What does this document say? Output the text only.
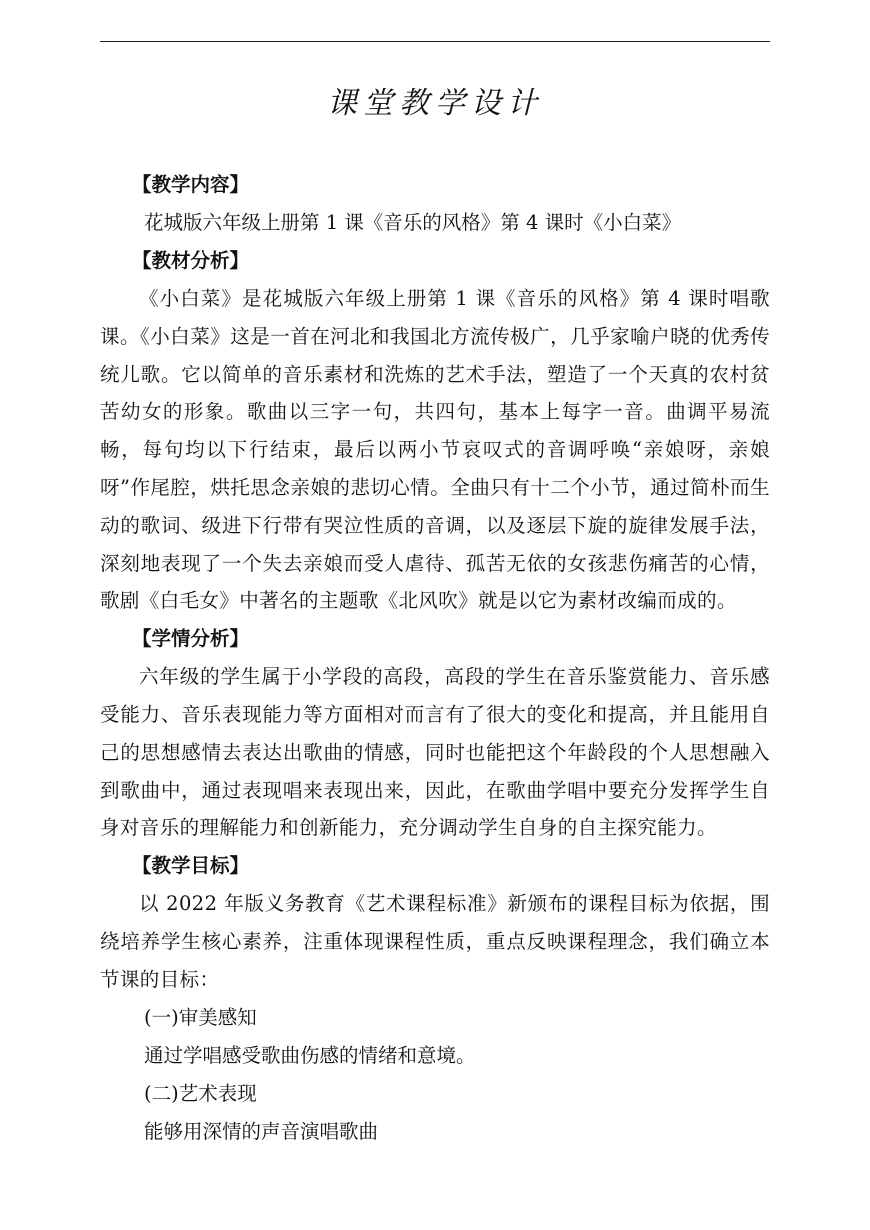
课堂教学设计
【教学内容】
花城版六年级上册第 1 课《音乐的风格》第 4 课时《小白菜》
【教材分析】

《小白菜》是花城版六年级上册第 1 课《音乐的风格》第 4 课时唱歌课。《小白菜》这是一首在河北和我国北方流传极广，几乎家喻户晓的优秀传统儿歌。它以简单的音乐素材和洗炼的艺术手法，塑造了一个天真的农村贫苦幼女的形象。歌曲以三字一句，共四句，基本上每字一音。曲调平易流畅，每句均以下行结束，最后以两小节哀叹式的音调呼唤“亲娘呀，亲娘呀”作尾腔，烘托思念亲娘的悲切心情。全曲只有十二个小节，通过简朴而生动的歌词、级进下行带有哭泣性质的音调，以及逐层下旋的旋律发展手法，深刻地表现了一个失去亲娘而受人虐待、孤苦无依的女孩悲伤痛苦的心情，歌剧《白毛女》中著名的主题歌《北风吹》就是以它为素材改编而成的。

【学情分析】

六年级的学生属于小学段的高段，高段的学生在音乐鉴赏能力、音乐感受能力、音乐表现能力等方面相对而言有了很大的变化和提高，并且能用自己的思想感情去表达出歌曲的情感，同时也能把这个年龄段的个人思想融入到歌曲中，通过表现唱来表现出来，因此，在歌曲学唱中要充分发挥学生自身对音乐的理解能力和创新能力，充分调动学生自身的自主探究能力。

【教学目标】

以 2022 年版义务教育《艺术课程标准》新颁布的课程目标为依据，围绕培养学生核心素养，注重体现课程性质，重点反映课程理念，我们确立本节课的目标：

(一)审美感知
通过学唱感受歌曲伤感的情绪和意境。
(二)艺术表现
能够用深情的声音演唱歌曲
